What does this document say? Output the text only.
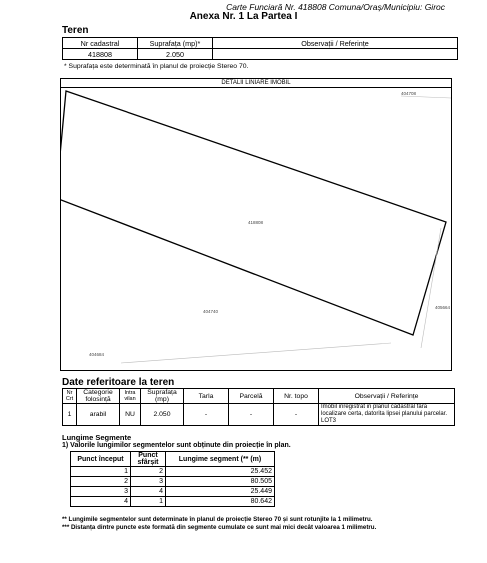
Carte Funciară Nr. 418808 Comuna/Oraș/Municipiu: Giroc
Anexa Nr. 1 La Partea I
Teren
Nr cadastral	Suprafața (mp)*	Observații / Referințe
418808	2.050	
* Suprafața este determinată în planul de proiecție Stereo 70.
DETALII LINIARE IMOBIL
418808
404708
405664
404740
404684
Date referitoare la teren
Nr Crt	Categorie folosință	Intra vilan	Suprafața (mp)	Tarla	Parcelă	Nr. topo	Observații / Referințe
1	arabil	NU	2.050	-	-	-	Imobil inregistrat in planul cadastral fara localizare certa, datorita lipsei planului parcelar. LOT3
Lungime Segmente
1) Valorile lungimilor segmentelor sunt obținute din proiecție în plan.
Punct început	Punct sfârșit	Lungime segment (** (m)
1	2	25.452
2	3	80.505
3	4	25.449
4	1	80.642
** Lungimile segmentelor sunt determinate în planul de proiecție Stereo 70 și sunt rotunjite la 1 milimetru.
*** Distanța dintre puncte este formată din segmente cumulate ce sunt mai mici decât valoarea 1 milimetru.
